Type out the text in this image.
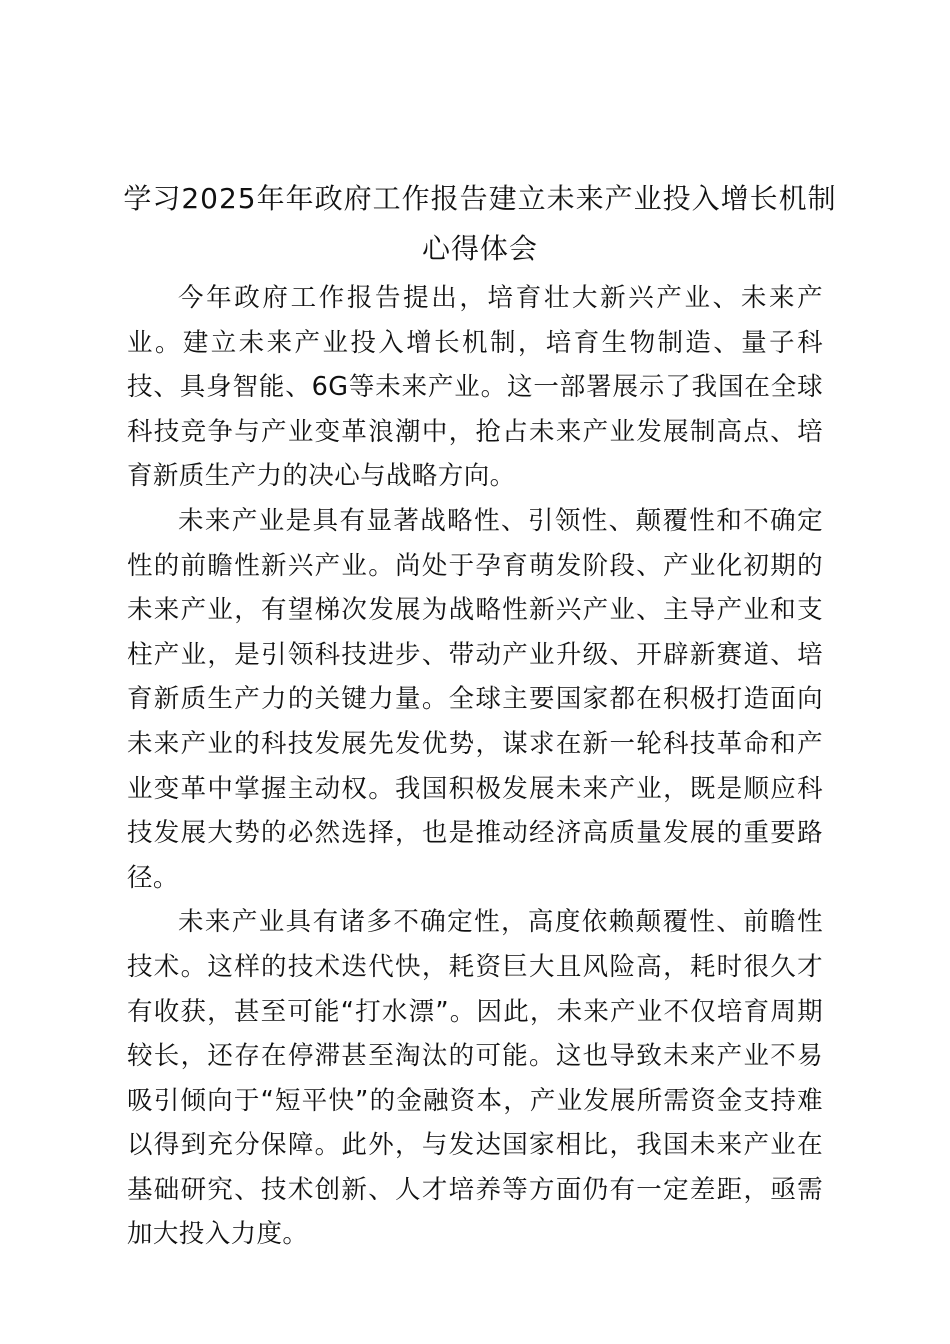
学习2025年年政府工作报告建立未来产业投入增长机制心得体会

今年政府工作报告提出，培育壮大新兴产业、未来产业。建立未来产业投入增长机制，培育生物制造、量子科技、具身智能、6G等未来产业。这一部署展示了我国在全球科技竞争与产业变革浪潮中，抢占未来产业发展制高点、培育新质生产力的决心与战略方向。

未来产业是具有显著战略性、引领性、颠覆性和不确定性的前瞻性新兴产业。尚处于孕育萌发阶段、产业化初期的未来产业，有望梯次发展为战略性新兴产业、主导产业和支柱产业，是引领科技进步、带动产业升级、开辟新赛道、培育新质生产力的关键力量。全球主要国家都在积极打造面向未来产业的科技发展先发优势，谋求在新一轮科技革命和产业变革中掌握主动权。我国积极发展未来产业，既是顺应科技发展大势的必然选择，也是推动经济高质量发展的重要路径。

未来产业具有诸多不确定性，高度依赖颠覆性、前瞻性技术。这样的技术迭代快，耗资巨大且风险高，耗时很久才有收获，甚至可能“打水漂”。因此，未来产业不仅培育周期较长，还存在停滞甚至淘汰的可能。这也导致未来产业不易吸引倾向于“短平快”的金融资本，产业发展所需资金支持难以得到充分保障。此外，与发达国家相比，我国未来产业在基础研究、技术创新、人才培养等方面仍有一定差距，亟需加大投入力度。
